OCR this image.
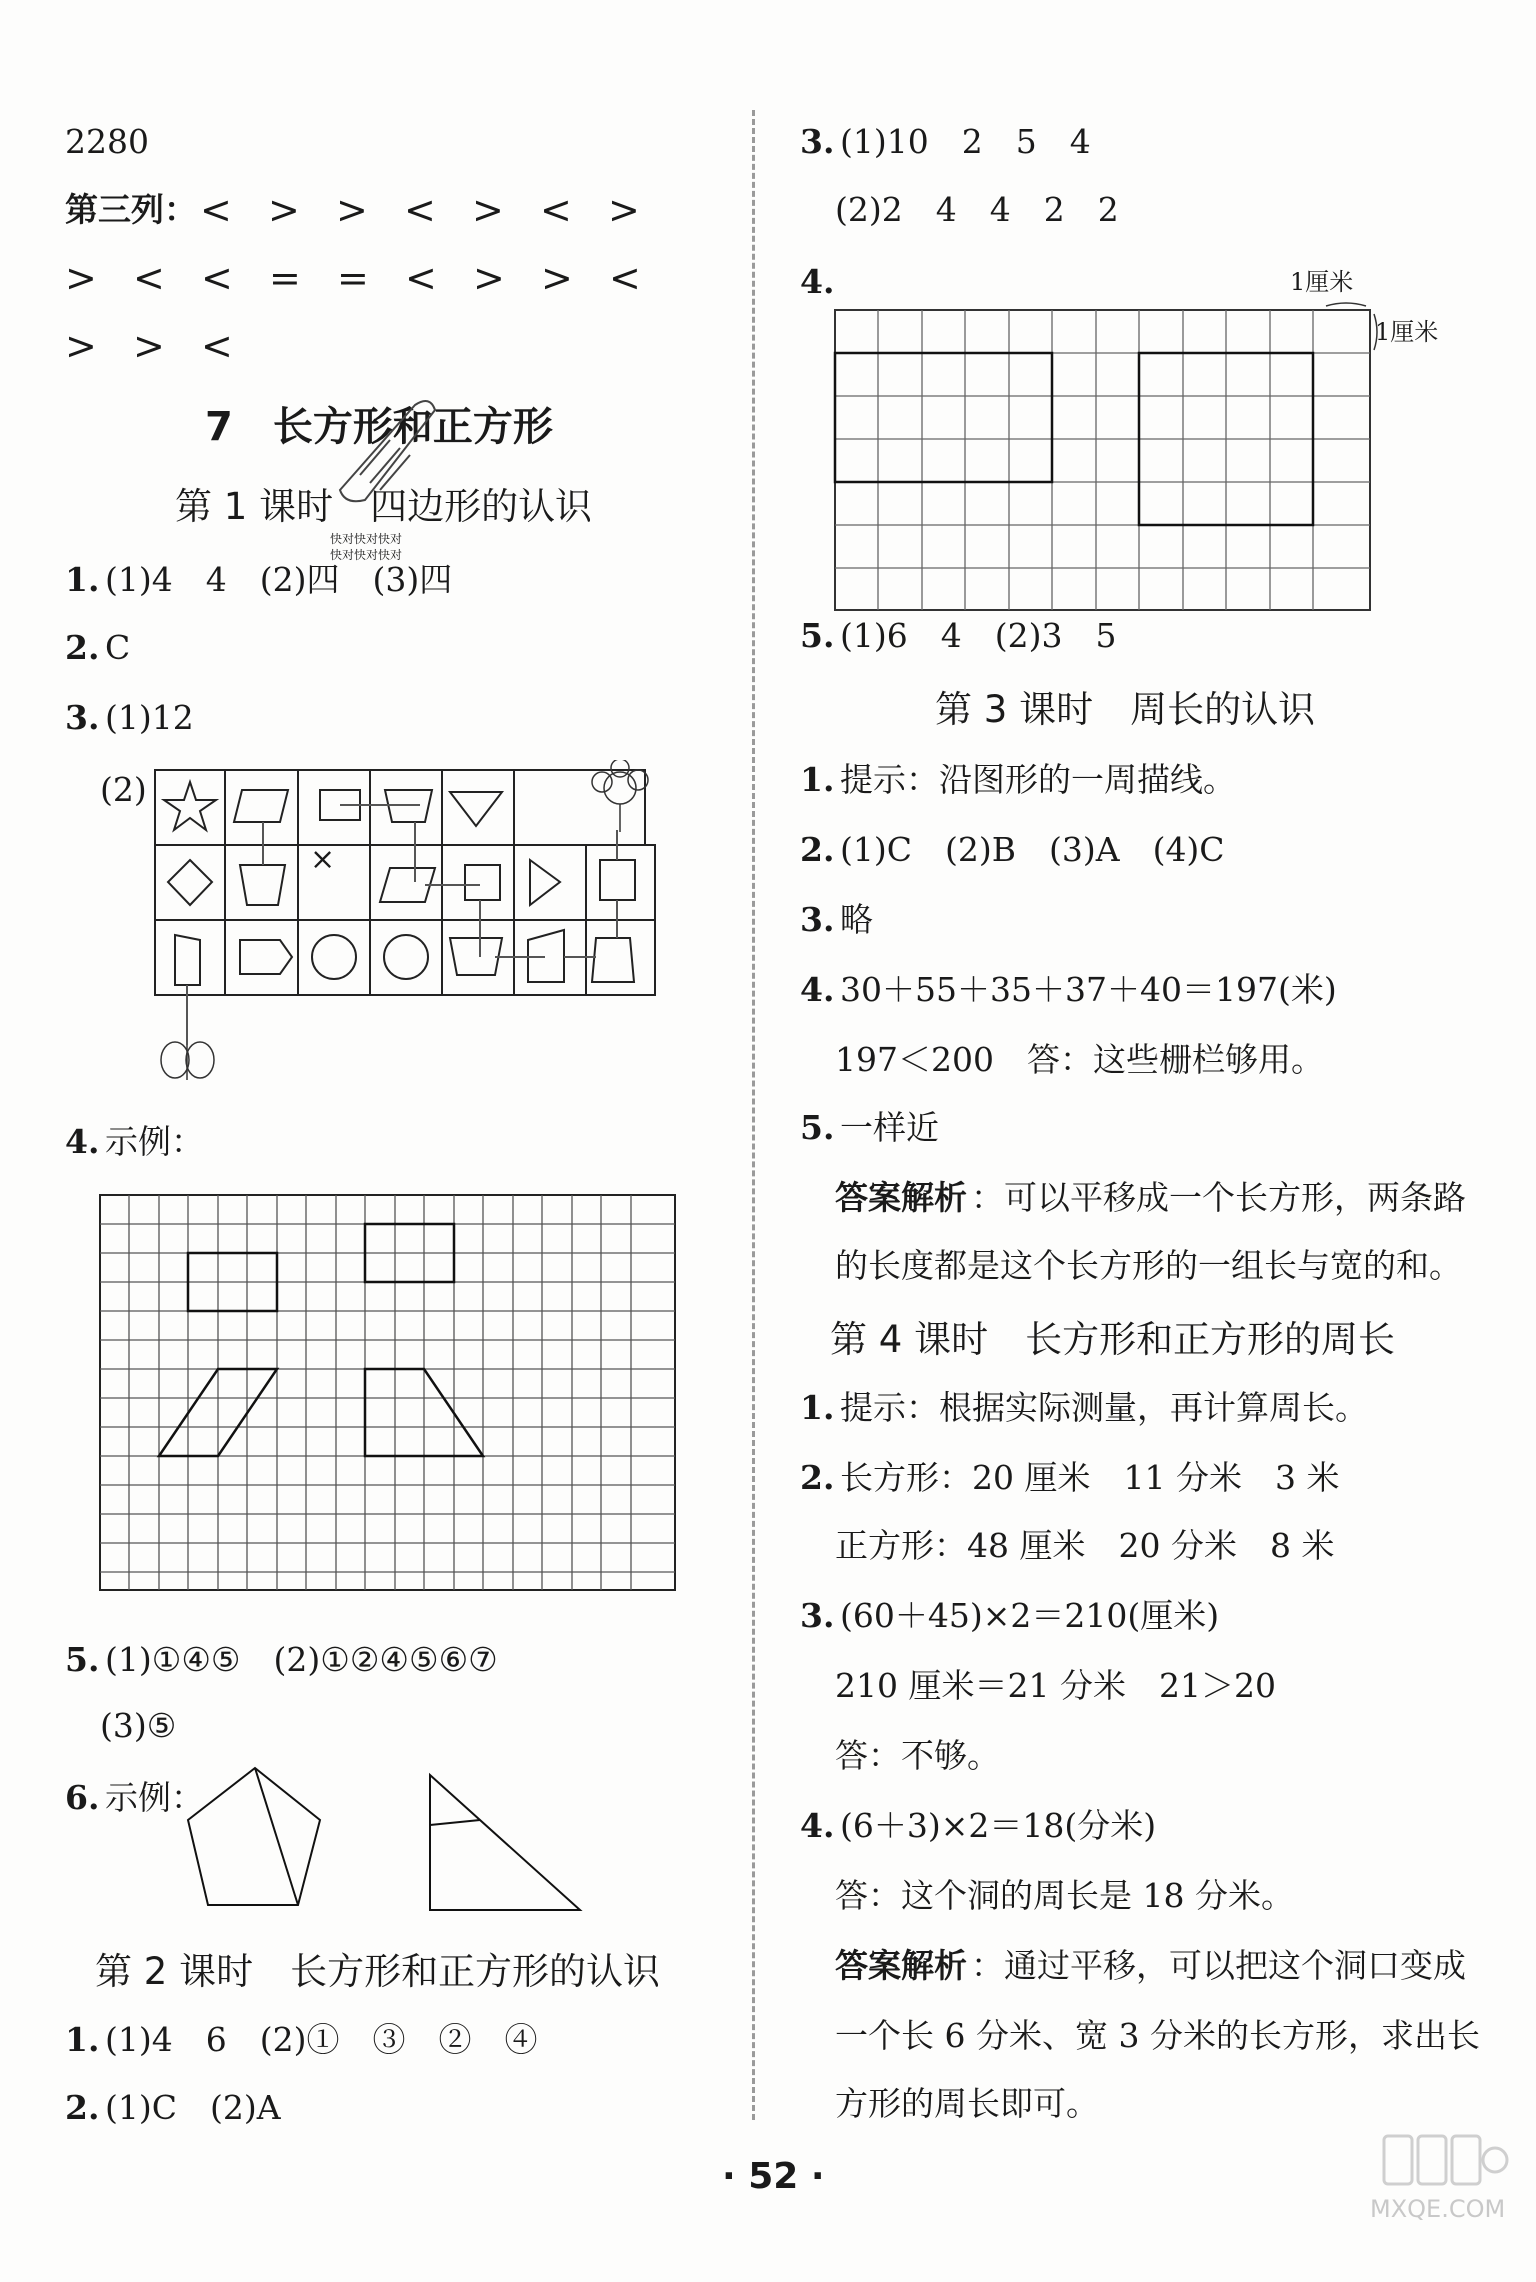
2280
第三列： <  >  >  <  >  <  >
>  <  <  =  =  <  >  >  <
>  >  <
7　长方形和正方形
第 1 课时　四边形的认识
快对快对快对
快对快对快对
1. (1)4　4　(2)四　(3)四
2. C
3. (1)12
(2)
×
4. 示例：
5. (1)①④⑤　(2)①②④⑤⑥⑦
(3)⑤
6. 示例：
第 2 课时　长方形和正方形的认识
1. (1)4　6　(2)①　③　②　④
2. (1)C　(2)A
3. (1)10　2　5　4
(2)2　4　4　2　2
4.	1厘米
1厘米
5. (1)6　4　(2)3　5
第 3 课时　周长的认识
1. 提示：沿图形的一周描线。
2. (1)C　(2)B　(3)A　(4)C
3. 略
4. 30＋55＋35＋37＋40＝197(米)
197＜200　答：这些栅栏够用。
5. 一样近
答案解析 ：可以平移成一个长方形，两条路
的长度都是这个长方形的一组长与宽的和。
第 4 课时　长方形和正方形的周长
1. 提示：根据实际测量，再计算周长。
2. 长方形：20 厘米　11 分米　3 米
正方形：48 厘米　20 分米　8 米
3. (60＋45)×2＝210(厘米)
210 厘米＝21 分米　21＞20
答：不够。
4. (6＋3)×2＝18(分米)
答：这个洞的周长是 18 分米。
答案解析 ：通过平移，可以把这个洞口变成
一个长 6 分米、宽 3 分米的长方形，求出长
方形的周长即可。
· 52 ·
MXQE.COM
